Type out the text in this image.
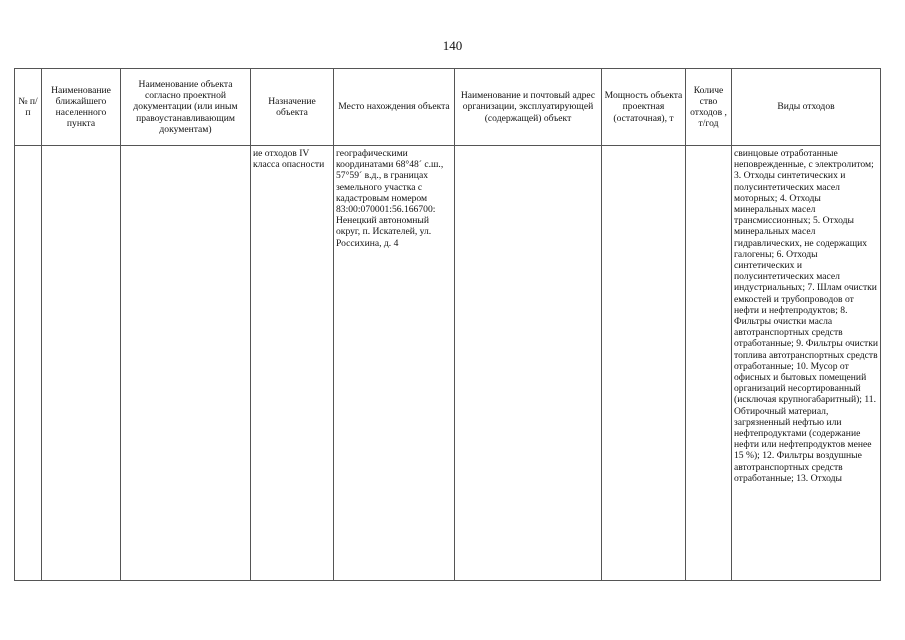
140
№ п/п	Наименование ближайшего населенного пункта	Наименование объекта согласно проектной документации (или иным правоустанавливающим документам)	Назначение объекта	Место нахождения объекта	Наименование и почтовый адрес организации, эксплуатирующей (содержащей) объект	Мощность объекта проектная (остаточная), т	Количе ство отходов , т/год	Виды отходов

			ие отходов IV класса опасности	географическими координатами 68°48´ с.ш., 57°59´ в.д., в границах земельного участка с кадастровым номером 83:00:070001:56.166700: Ненецкий автономный округ, п. Искателей, ул. Россихина, д. 4				свинцовые отработанные неповрежденные, с электролитом; 3. Отходы синтетических и полусинтетических масел моторных; 4. Отходы минеральных масел трансмиссионных; 5. Отходы минеральных масел гидравлических, не содержащих галогены; 6. Отходы синтетических и полусинтетических масел индустриальных; 7. Шлам очистки емкостей и трубопроводов от нефти и нефтепродуктов; 8. Фильтры очистки масла автотранспортных средств отработанные; 9. Фильтры очистки топлива автотранспортных средств отработанные; 10. Мусор от офисных и бытовых помещений организаций несортированный (исключая крупногабаритный); 11. Обтирочный материал, загрязненный нефтью или нефтепродуктами (содержание нефти или нефтепродуктов менее 15 %); 12. Фильтры воздушные автотранспортных средств отработанные; 13. Отходы
